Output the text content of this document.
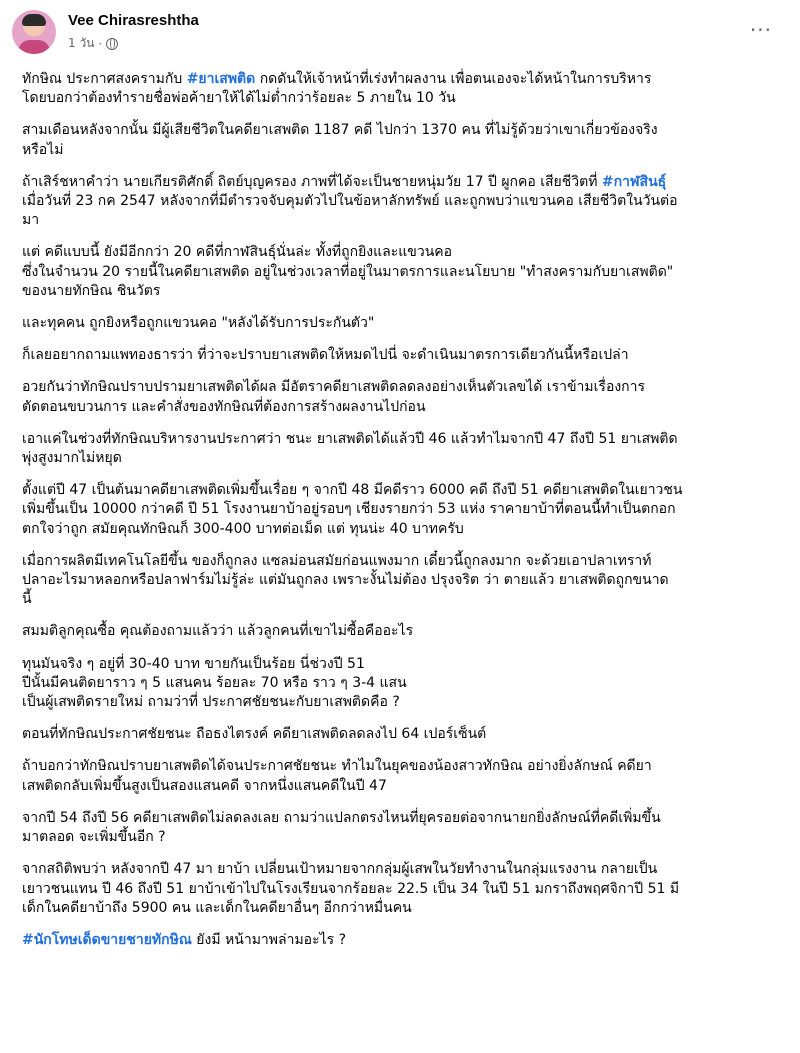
Vee Chirasreshtha
1 วัน ·
···
ทักษิณ ประกาศสงครามกับ #ยาเสพติด กดดันให้เจ้าหน้าที่เร่งทำผลงาน เพื่อตนเองจะได้หน้าในการบริหาร
โดยบอกว่าต้องทำรายชื่อพ่อค้ายาให้ได้ไม่ต่ำกว่าร้อยละ 5 ภายใน 10 วัน
สามเดือนหลังจากนั้น มีผู้เสียชีวิตในคดียาเสพติด 1187 คดี ไปกว่า 1370 คน ที่ไม่รู้ด้วยว่าเขาเกี่ยวข้องจริง
หรือไม่
ถ้าเสิร์ชหาคำว่า นายเกียรติศักดิ์ ถิตย์บุญครอง ภาพที่ได้จะเป็นชายหนุ่มวัย 17 ปี ผูกคอ เสียชีวิตที่ #กาฬสินธุ์
เมื่อวันที่ 23 กค 2547 หลังจากที่มีตำรวจจับคุมตัวไปในข้อหาลักทรัพย์ และถูกพบว่าแขวนคอ เสียชีวิตในวันต่อ
มา
แต่ คดีแบบนี้ ยังมีอีกกว่า 20 คดีที่กาฬสินธุ์นั่นล่ะ ทั้งที่ถูกยิงและแขวนคอ
ซึ่งในจำนวน 20 รายนี้ในคดียาเสพติด อยู่ในช่วงเวลาที่อยู่ในมาตรการและนโยบาย "ทำสงครามกับยาเสพติด"
ของนายทักษิณ ชินวัตร
และทุคคน ถูกยิงหรือถูกแขวนคอ "หลังได้รับการประกันตัว"
ก็เลยอยากถามแพทองธารว่า ที่ว่าจะปราบยาเสพติดให้หมดไปนี่ จะดำเนินมาตรการเดียวกันนี้หรือเปล่า
อวยกันว่าทักษิณปราบปรามยาเสพติดได้ผล มีอัตราคดียาเสพติดลดลงอย่างเห็นตัวเลขได้ เราข้ามเรื่องการ
ตัดตอนขบวนการ และคำสั่งของทักษิณที่ต้องการสร้างผลงานไปก่อน
เอาแค่ในช่วงที่ทักษิณบริหารงานประกาศว่า ชนะ ยาเสพติดได้แล้วปี 46 แล้วทำไมจากปี 47 ถึงปี 51 ยาเสพติด
พุ่งสูงมากไม่หยุด
ตั้งแต่ปี 47 เป็นต้นมาคดียาเสพติดเพิ่มขึ้นเรื่อย ๆ จากปี 48 มีคดีราว 6000 คดี ถึงปี 51 คดียาเสพติดในเยาวชน
เพิ่มขึ้นเป็น 10000 กว่าคดี ปี 51 โรงงานยาบ้าอยู่รอบๆ เชียงรายกว่า 53 แห่ง ราคายาบ้าที่ตอนนี้ทำเป็นตกอก
ตกใจว่าถูก สมัยคุณทักษิณก็ 300-400 บาทต่อเม็ด แต่ ทุนน่ะ 40 บาทครับ
เมื่อการผลิตมีเทคโนโลยีขึ้น ของก็ถูกลง แซลม่อนสมัยก่อนแพงมาก เดี๋ยวนี้ถูกลงมาก จะด้วยเอาปลาเทราท์
ปลาอะไรมาหลอกหรือปลาฟาร์มไม่รู้ล่ะ แต่มันถูกลง เพราะงั้นไม่ต้อง ปรุงจริต ว่า ตายแล้ว ยาเสพติดถูกขนาด
นี้
สมมติลูกคุณซื้อ คุณต้องถามแล้วว่า แล้วลูกคนที่เขาไม่ซื้อคืออะไร
ทุนมันจริง ๆ อยู่ที่ 30-40 บาท ขายกันเป็นร้อย นี่ช่วงปี 51
ปีนั้นมีคนติดยาราว ๆ 5 แสนคน ร้อยละ 70 หรือ ราว ๆ 3-4 แสน
เป็นผู้เสพติดรายใหม่ ถามว่าที่ ประกาศชัยชนะกับยาเสพติดคือ ?
ตอนที่ทักษิณประกาศชัยชนะ ถือธงไตรงค์ คดียาเสพติดลดลงไป 64 เปอร์เซ็นต์
ถ้าบอกว่าทักษิณปราบยาเสพติดได้จนประกาศชัยชนะ ทำไมในยุคของน้องสาวทักษิณ อย่างยิ่งลักษณ์ คดียา
เสพติดกลับเพิ่มขึ้นสูงเป็นสองแสนคดี จากหนึ่งแสนคดีในปี 47
จากปี 54 ถึงปี 56 คดียาเสพติดไม่ลดลงเลย ถามว่าแปลกตรงไหนที่ยุครอยต่อจากนายกยิ่งลักษณ์ที่คดีเพิ่มขึ้น
มาตลอด จะเพิ่มขึ้นอีก ?
จากสถิติพบว่า หลังจากปี 47 มา ยาบ้า เปลี่ยนเป้าหมายจากกลุ่มผู้เสพในวัยทำงานในกลุ่มแรงงาน กลายเป็น
เยาวชนแทน ปี 46 ถึงปี 51 ยาบ้าเข้าไปในโรงเรียนจากร้อยละ 22.5 เป็น 34 ในปี 51 มกราถึงพฤศจิกาปี 51 มี
เด็กในคดียาบ้าถึง 5900 คน และเด็กในคดียาอื่นๆ อีกกว่าหมื่นคน
#นักโทษเด็ดขายชายทักษิณ ยังมี หน้ามาพล่ามอะไร ?
